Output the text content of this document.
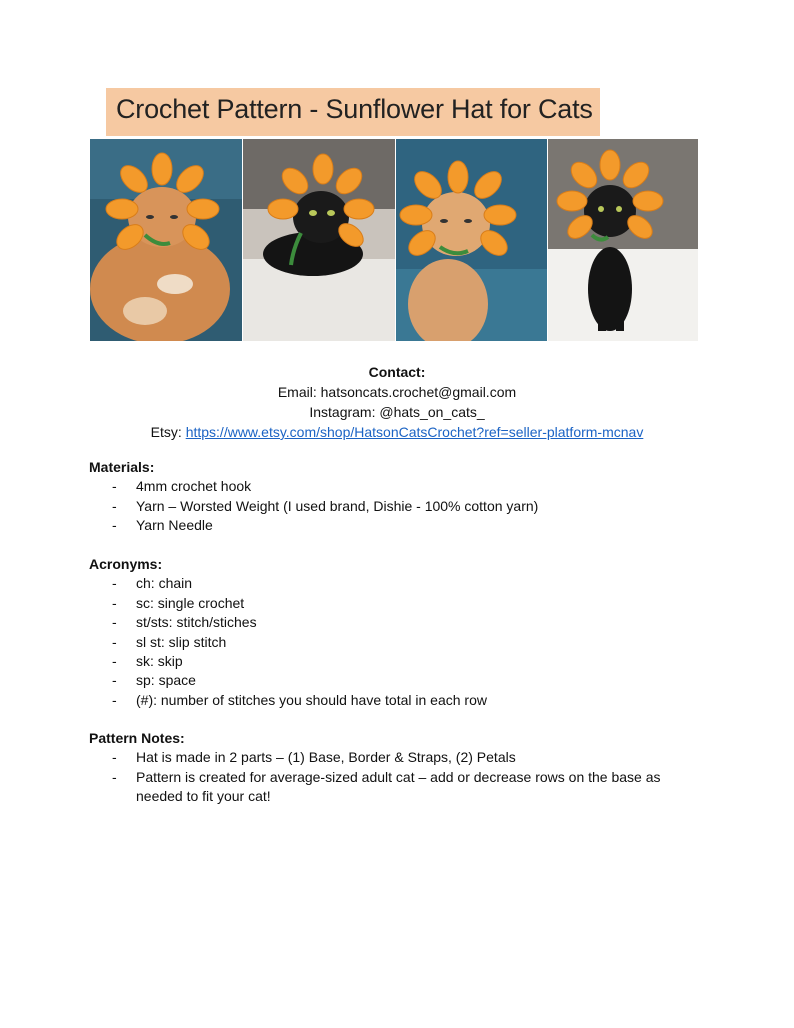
Crochet Pattern - Sunflower Hat for Cats
Contact:
Email: hatsoncats.crochet@gmail.com
Instagram: @hats_on_cats_
Etsy: https://www.etsy.com/shop/HatsonCatsCrochet?ref=seller-platform-mcnav
Materials:
- 4mm crochet hook
- Yarn – Worsted Weight (I used brand, Dishie - 100% cotton yarn)
- Yarn Needle
Acronyms:
- ch: chain
- sc: single crochet
- st/sts: stitch/stiches
- sl st: slip stitch
- sk: skip
- sp: space
- (#): number of stitches you should have total in each row
Pattern Notes:
- Hat is made in 2 parts – (1) Base, Border & Straps, (2) Petals
- Pattern is created for average-sized adult cat – add or decrease rows on the base as needed to fit your cat!
